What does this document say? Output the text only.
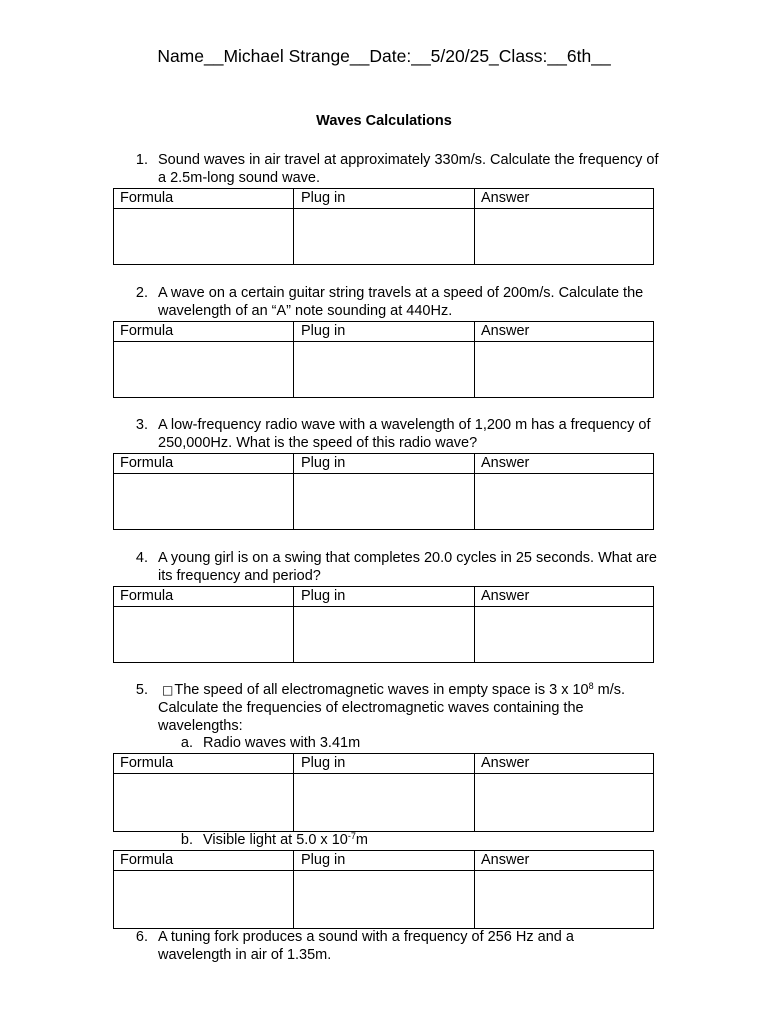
Name__Michael Strange__Date:__5/20/25_Class:__6th__
Waves Calculations
1. Sound waves in air travel at approximately 330m/s. Calculate the frequency of a 2.5m-long sound wave.
Formula	Plug in	Answer
2. A wave on a certain guitar string travels at a speed of 200m/s. Calculate the wavelength of an “A” note sounding at 440Hz.
Formula	Plug in	Answer
3. A low-frequency radio wave with a wavelength of 1,200 m has a frequency of 250,000Hz. What is the speed of this radio wave?
Formula	Plug in	Answer
4. A young girl is on a swing that completes 20.0 cycles in 25 seconds. What are its frequency and period?
Formula	Plug in	Answer
5. □The speed of all electromagnetic waves in empty space is 3 x $10^8$ m/s.
Calculate the frequencies of electromagnetic waves containing the wavelengths:
a. Radio waves with 3.41m
Formula	Plug in	Answer
b. Visible light at 5.0 x $10^{-7}m$
Formula	Plug in	Answer
6. A tuning fork produces a sound with a frequency of 256 Hz and a wavelength in air of 1.35m.
